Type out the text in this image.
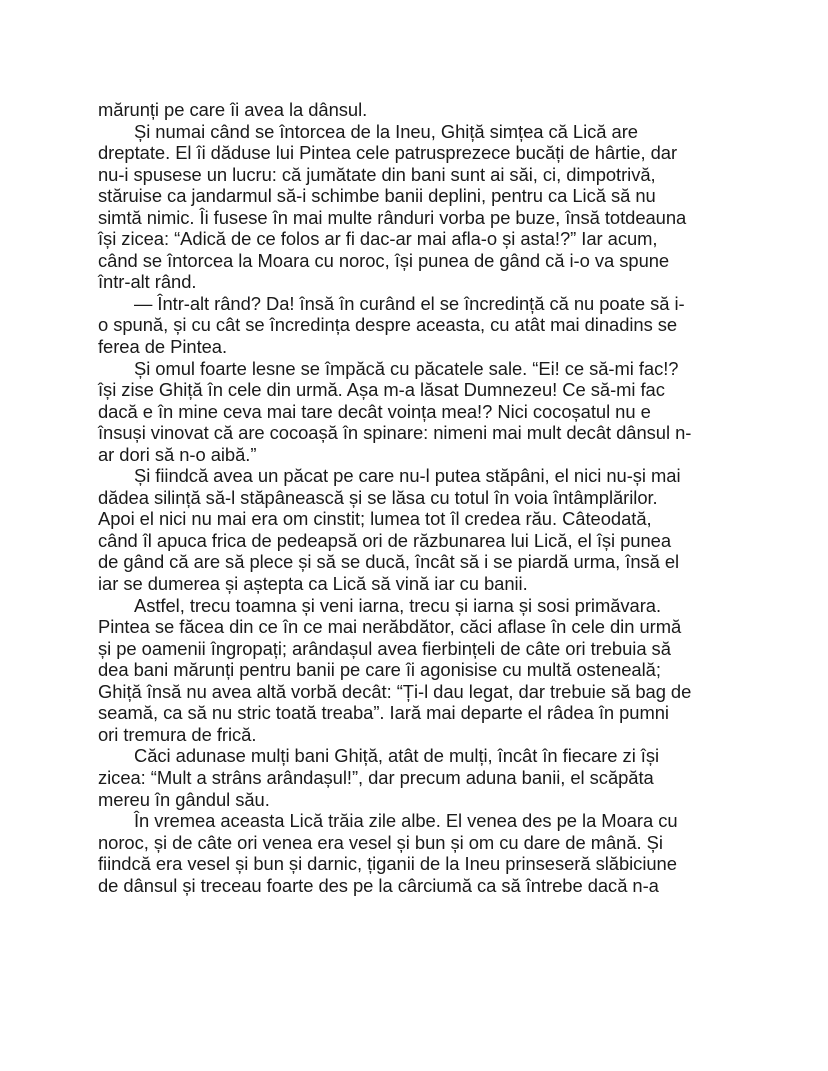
mărunți pe care îi avea la dânsul.
Și numai când se întorcea de la Ineu, Ghiță simțea că Lică are
dreptate. El îi dăduse lui Pintea cele patrusprezece bucăți de hârtie, dar
nu-i spusese un lucru: că jumătate din bani sunt ai săi, ci, dimpotrivă,
stăruise ca jandarmul să-i schimbe banii deplini, pentru ca Lică să nu
simtă nimic. Îi fusese în mai multe rânduri vorba pe buze, însă totdeauna
își zicea: “Adică de ce folos ar fi dac-ar mai afla-o și asta!?” Iar acum,
când se întorcea la Moara cu noroc, își punea de gând că i-o va spune
într-alt rând.
— Într-alt rând? Da! însă în curând el se încredință că nu poate să i-
o spună, și cu cât se încredința despre aceasta, cu atât mai dinadins se
ferea de Pintea.
Și omul foarte lesne se împăcă cu păcatele sale. “Ei! ce să-mi fac!?
își zise Ghiță în cele din urmă. Așa m-a lăsat Dumnezeu! Ce să-mi fac
dacă e în mine ceva mai tare decât voința mea!? Nici cocoșatul nu e
însuși vinovat că are cocoașă în spinare: nimeni mai mult decât dânsul n-
ar dori să n-o aibă.”
Și fiindcă avea un păcat pe care nu-l putea stăpâni, el nici nu-și mai
dădea silință să-l stăpânească și se lăsa cu totul în voia întâmplărilor.
Apoi el nici nu mai era om cinstit; lumea tot îl credea rău. Câteodată,
când îl apuca frica de pedeapsă ori de răzbunarea lui Lică, el își punea
de gând că are să plece și să se ducă, încât să i se piardă urma, însă el
iar se dumerea și aștepta ca Lică să vină iar cu banii.
Astfel, trecu toamna și veni iarna, trecu și iarna și sosi primăvara.
Pintea se făcea din ce în ce mai nerăbdător, căci aflase în cele din urmă
și pe oamenii îngropați; arândașul avea fierbințeli de câte ori trebuia să
dea bani mărunți pentru banii pe care îi agonisise cu multă osteneală;
Ghiță însă nu avea altă vorbă decât: “Ți-l dau legat, dar trebuie să bag de
seamă, ca să nu stric toată treaba”. Iară mai departe el râdea în pumni
ori tremura de frică.
Căci adunase mulți bani Ghiță, atât de mulți, încât în fiecare zi își
zicea: “Mult a strâns arândașul!”, dar precum aduna banii, el scăpăta
mereu în gândul său.
În vremea aceasta Lică trăia zile albe. El venea des pe la Moara cu
noroc, și de câte ori venea era vesel și bun și om cu dare de mână. Și
fiindcă era vesel și bun și darnic, țiganii de la Ineu prinseseră slăbiciune
de dânsul și treceau foarte des pe la cârciumă ca să întrebe dacă n-a
